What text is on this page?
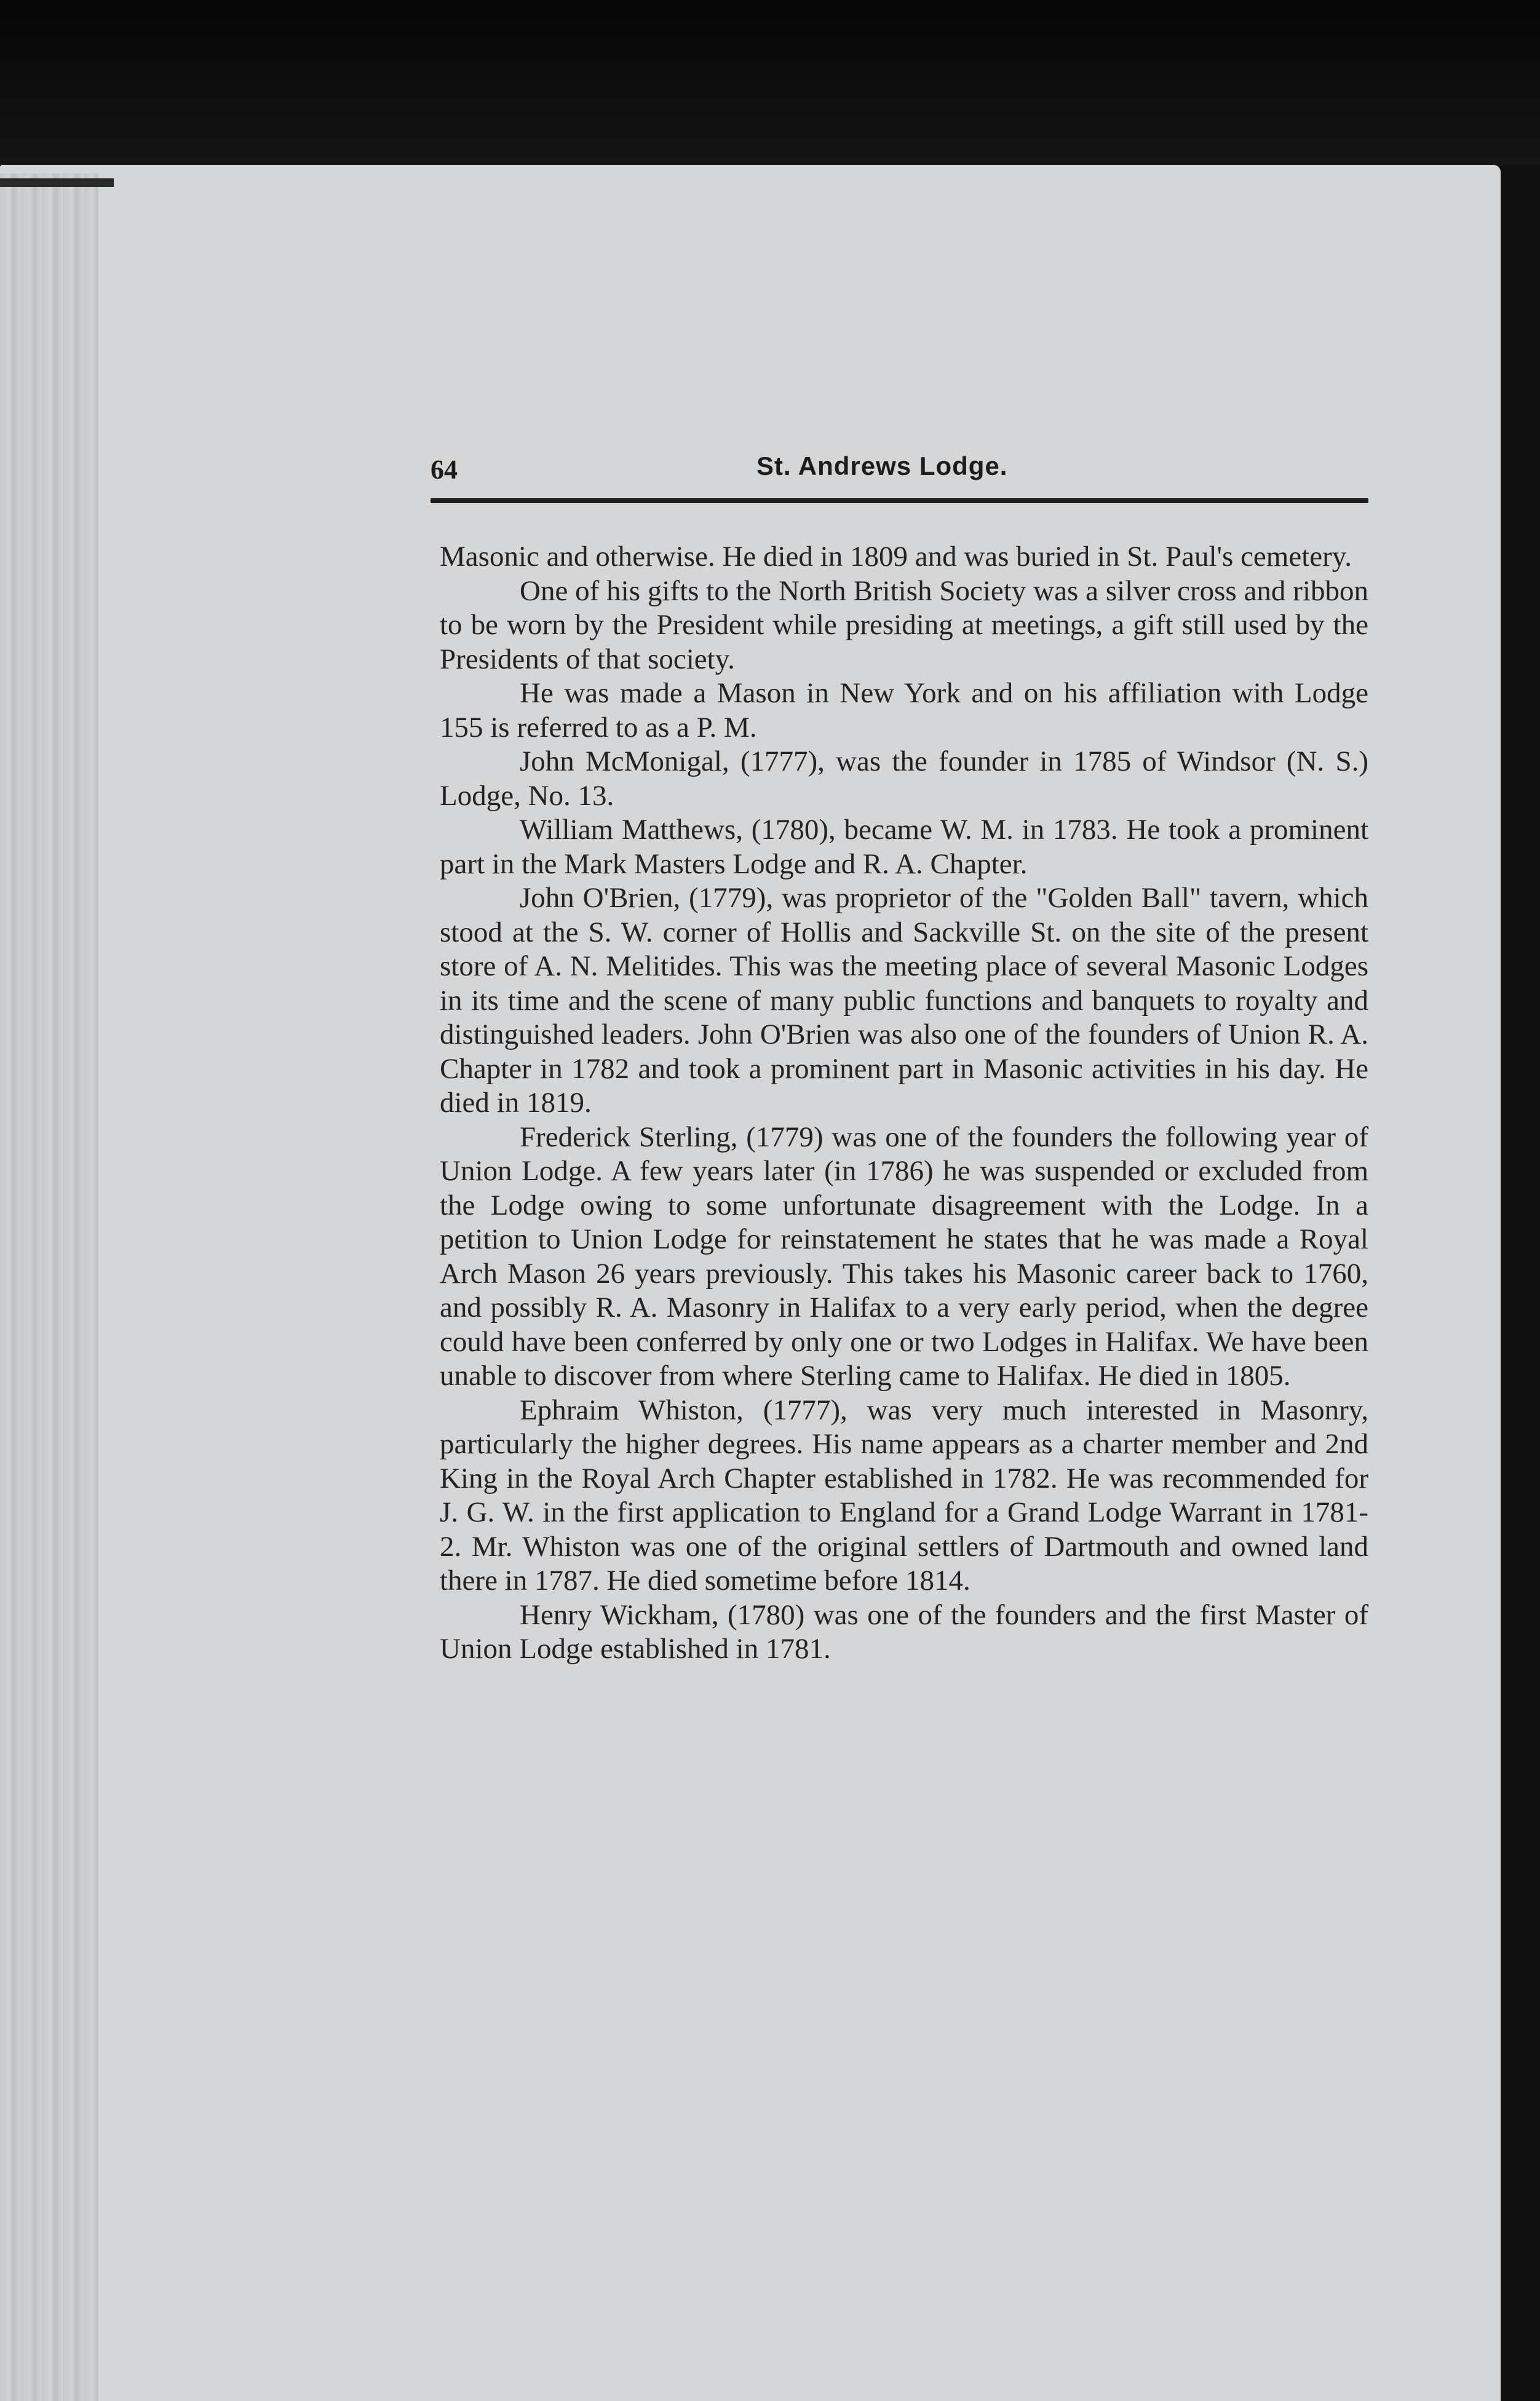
64	St. Andrews Lodge.

Masonic and otherwise. He died in 1809 and was buried in St. Paul's cemetery.

One of his gifts to the North British Society was a silver cross and ribbon to be worn by the President while presiding at meetings, a gift still used by the Presidents of that society.

He was made a Mason in New York and on his affiliation with Lodge 155 is referred to as a P. M.

John McMonigal, (1777), was the founder in 1785 of Windsor (N. S.) Lodge, No. 13.

William Matthews, (1780), became W. M. in 1783. He took a prominent part in the Mark Masters Lodge and R. A. Chapter.

John O'Brien, (1779), was proprietor of the "Golden Ball" tavern, which stood at the S. W. corner of Hollis and Sackville St. on the site of the present store of A. N. Melitides. This was the meeting place of several Masonic Lodges in its time and the scene of many public functions and banquets to royalty and distinguished leaders. John O'Brien was also one of the founders of Union R. A. Chapter in 1782 and took a prominent part in Masonic activities in his day. He died in 1819.

Frederick Sterling, (1779) was one of the founders the following year of Union Lodge. A few years later (in 1786) he was suspended or excluded from the Lodge owing to some unfortunate disagreement with the Lodge. In a petition to Union Lodge for reinstatement he states that he was made a Royal Arch Mason 26 years previously. This takes his Masonic career back to 1760, and possibly R. A. Masonry in Halifax to a very early period, when the degree could have been conferred by only one or two Lodges in Halifax. We have been unable to discover from where Sterling came to Halifax. He died in 1805.

Ephraim Whiston, (1777), was very much interested in Masonry, particularly the higher degrees. His name appears as a charter member and 2nd King in the Royal Arch Chapter established in 1782. He was recommended for J. G. W. in the first application to England for a Grand Lodge Warrant in 1781-2. Mr. Whiston was one of the original settlers of Dartmouth and owned land there in 1787. He died sometime before 1814.

Henry Wickham, (1780) was one of the founders and the first Master of Union Lodge established in 1781.
